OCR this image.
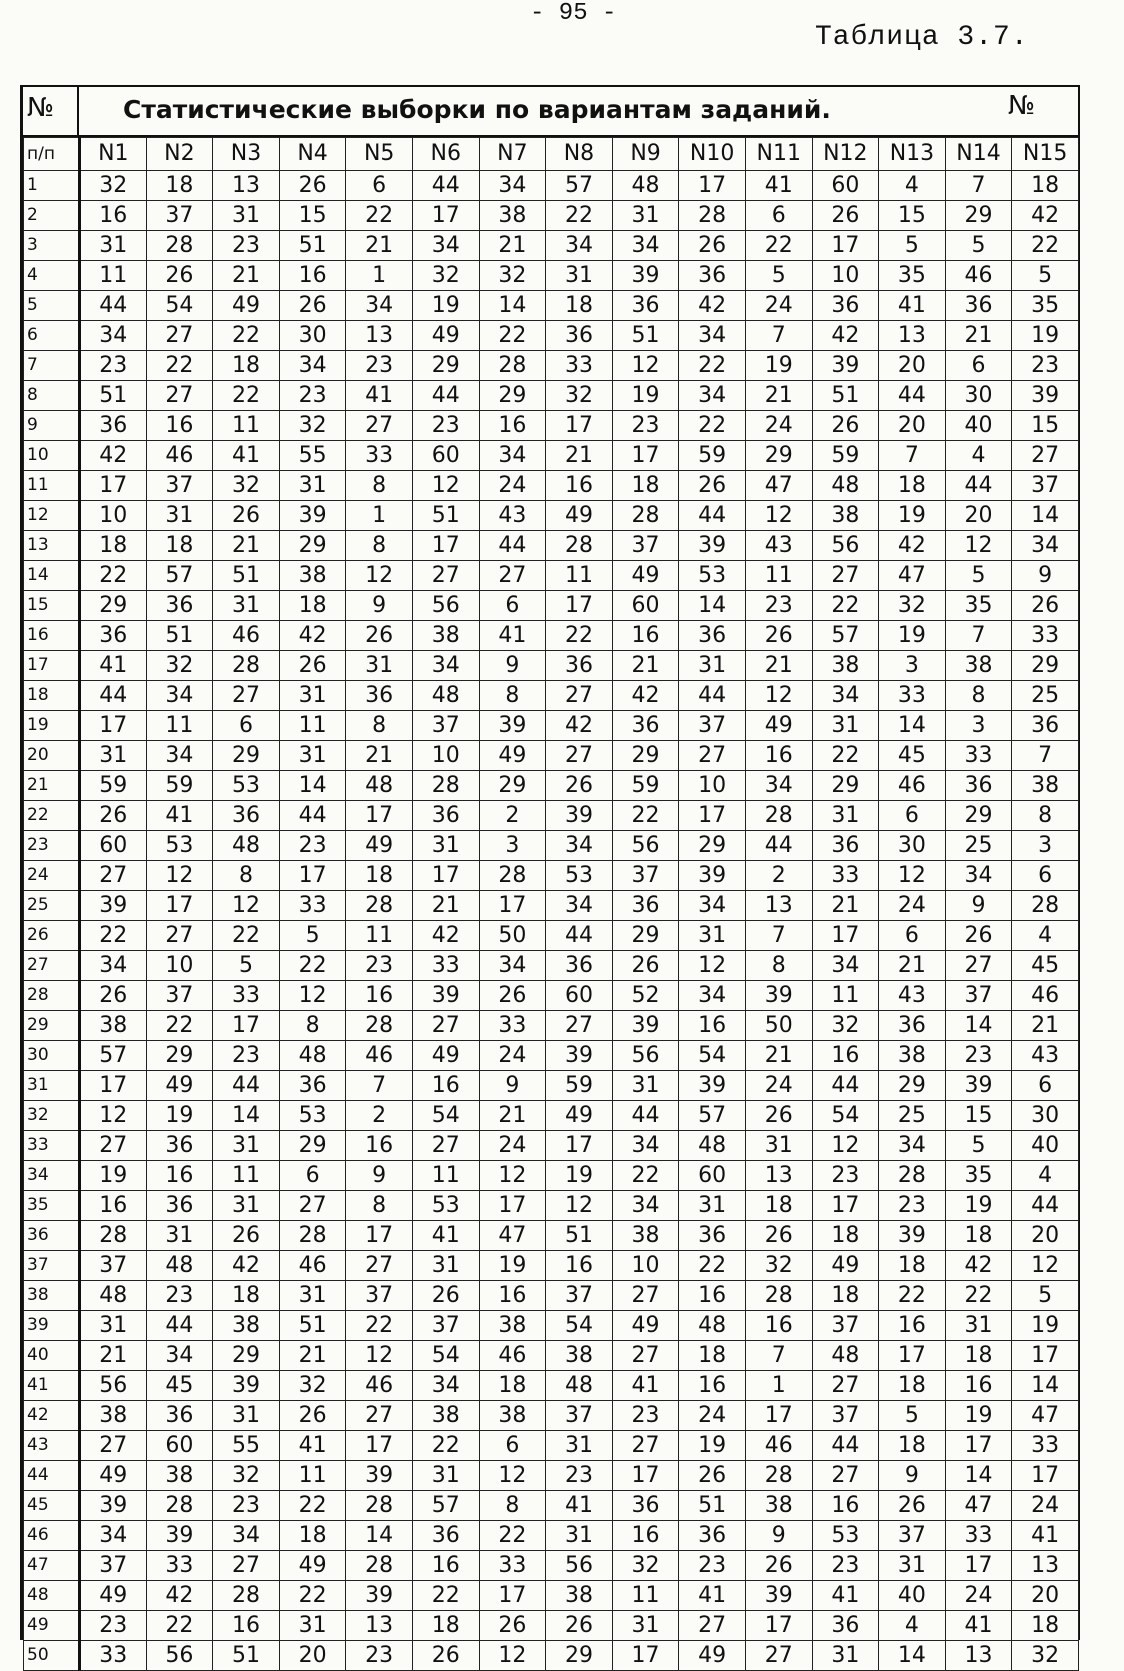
- 95 -
Таблица 3.7.
№	Статистические выборки по вариантам заданий.	№
п/п	N1	N2	N3	N4	N5	N6	N7	N8	N9	N10	N11	N12	N13	N14	N15
1	32	18	13	26	6	44	34	57	48	17	41	60	4	7	18
2	16	37	31	15	22	17	38	22	31	28	6	26	15	29	42
3	31	28	23	51	21	34	21	34	34	26	22	17	5	5	22
4	11	26	21	16	1	32	32	31	39	36	5	10	35	46	5
5	44	54	49	26	34	19	14	18	36	42	24	36	41	36	35
6	34	27	22	30	13	49	22	36	51	34	7	42	13	21	19
7	23	22	18	34	23	29	28	33	12	22	19	39	20	6	23
8	51	27	22	23	41	44	29	32	19	34	21	51	44	30	39
9	36	16	11	32	27	23	16	17	23	22	24	26	20	40	15
10	42	46	41	55	33	60	34	21	17	59	29	59	7	4	27
11	17	37	32	31	8	12	24	16	18	26	47	48	18	44	37
12	10	31	26	39	1	51	43	49	28	44	12	38	19	20	14
13	18	18	21	29	8	17	44	28	37	39	43	56	42	12	34
14	22	57	51	38	12	27	27	11	49	53	11	27	47	5	9
15	29	36	31	18	9	56	6	17	60	14	23	22	32	35	26
16	36	51	46	42	26	38	41	22	16	36	26	57	19	7	33
17	41	32	28	26	31	34	9	36	21	31	21	38	3	38	29
18	44	34	27	31	36	48	8	27	42	44	12	34	33	8	25
19	17	11	6	11	8	37	39	42	36	37	49	31	14	3	36
20	31	34	29	31	21	10	49	27	29	27	16	22	45	33	7
21	59	59	53	14	48	28	29	26	59	10	34	29	46	36	38
22	26	41	36	44	17	36	2	39	22	17	28	31	6	29	8
23	60	53	48	23	49	31	3	34	56	29	44	36	30	25	3
24	27	12	8	17	18	17	28	53	37	39	2	33	12	34	6
25	39	17	12	33	28	21	17	34	36	34	13	21	24	9	28
26	22	27	22	5	11	42	50	44	29	31	7	17	6	26	4
27	34	10	5	22	23	33	34	36	26	12	8	34	21	27	45
28	26	37	33	12	16	39	26	60	52	34	39	11	43	37	46
29	38	22	17	8	28	27	33	27	39	16	50	32	36	14	21
30	57	29	23	48	46	49	24	39	56	54	21	16	38	23	43
31	17	49	44	36	7	16	9	59	31	39	24	44	29	39	6
32	12	19	14	53	2	54	21	49	44	57	26	54	25	15	30
33	27	36	31	29	16	27	24	17	34	48	31	12	34	5	40
34	19	16	11	6	9	11	12	19	22	60	13	23	28	35	4
35	16	36	31	27	8	53	17	12	34	31	18	17	23	19	44
36	28	31	26	28	17	41	47	51	38	36	26	18	39	18	20
37	37	48	42	46	27	31	19	16	10	22	32	49	18	42	12
38	48	23	18	31	37	26	16	37	27	16	28	18	22	22	5
39	31	44	38	51	22	37	38	54	49	48	16	37	16	31	19
40	21	34	29	21	12	54	46	38	27	18	7	48	17	18	17
41	56	45	39	32	46	34	18	48	41	16	1	27	18	16	14
42	38	36	31	26	27	38	38	37	23	24	17	37	5	19	47
43	27	60	55	41	17	22	6	31	27	19	46	44	18	17	33
44	49	38	32	11	39	31	12	23	17	26	28	27	9	14	17
45	39	28	23	22	28	57	8	41	36	51	38	16	26	47	24
46	34	39	34	18	14	36	22	31	16	36	9	53	37	33	41
47	37	33	27	49	28	16	33	56	32	23	26	23	31	17	13
48	49	42	28	22	39	22	17	38	11	41	39	41	40	24	20
49	23	22	16	31	13	18	26	26	31	27	17	36	4	41	18
50	33	56	51	20	23	26	12	29	17	49	27	31	14	13	32
